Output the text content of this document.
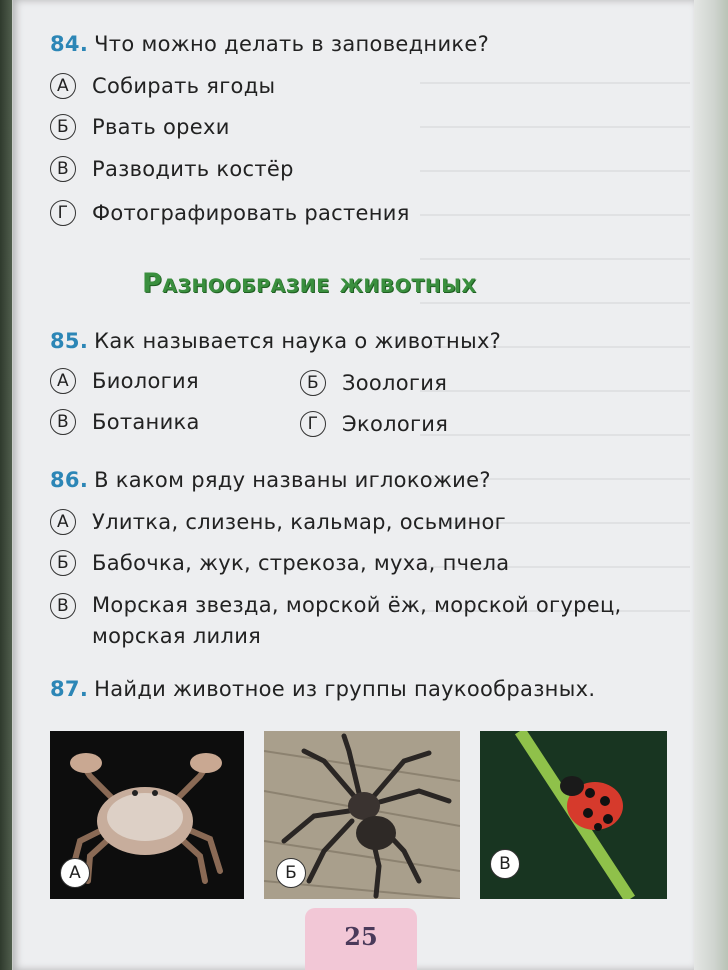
84. Что можно делать в заповеднике?
А	Собирать ягоды
Б	Рвать орехи
В	Разводить костёр
Г	Фотографировать растения
Разнообразие животных
85. Как называется наука о животных?
А	Биология	Б	Зоология
В	Ботаника	Г	Экология
86. В каком ряду названы иглокожие?
А	Улитка, слизень, кальмар, осьминог
Б	Бабочка, жук, стрекоза, муха, пчела
В	Морская звезда, морской ёж, морской огурец, морская лилия
87. Найди животное из группы паукообразных.
А	Б	В
25
